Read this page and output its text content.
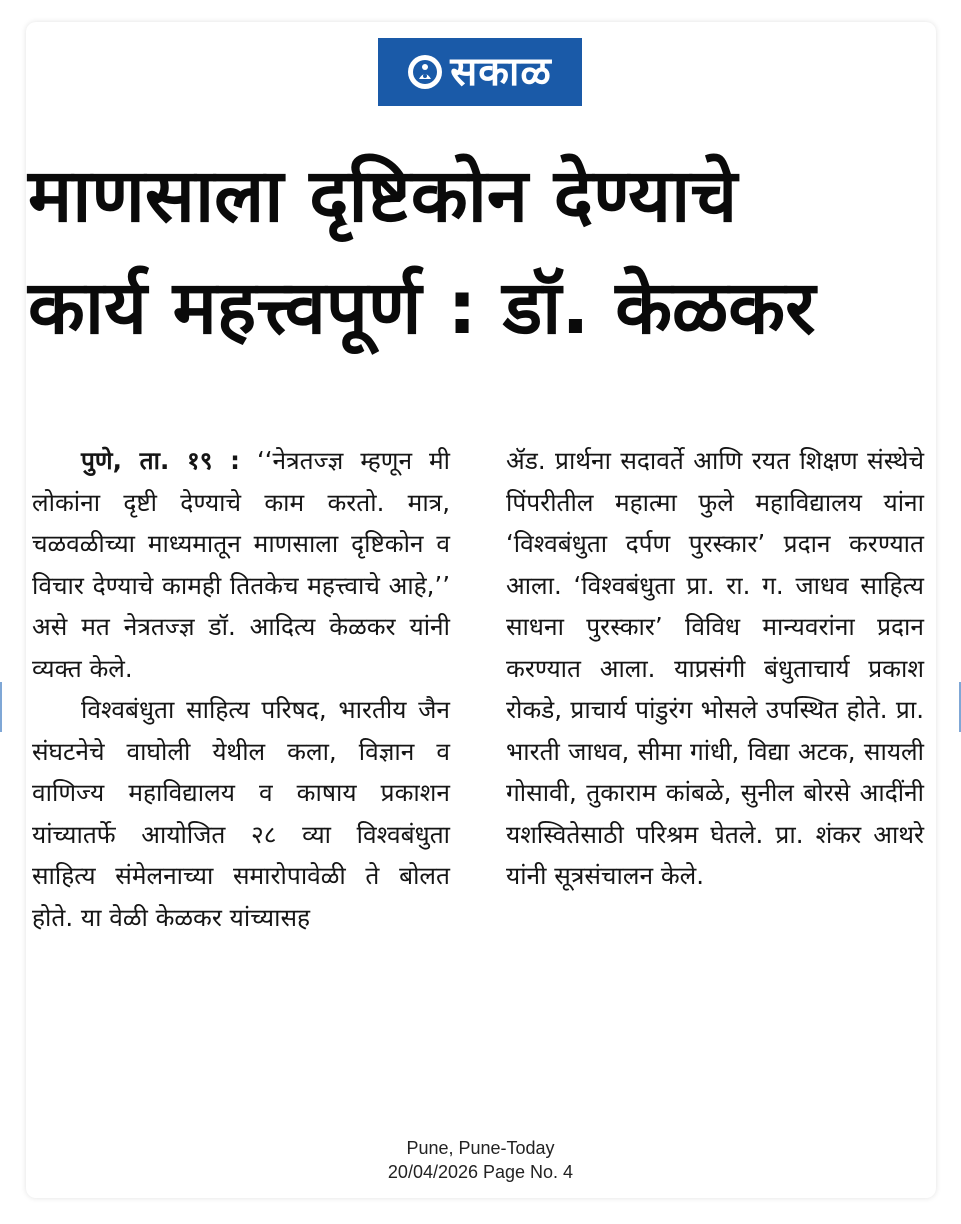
सकाळ
माणसाला दृष्टिकोन देण्याचे
कार्य महत्त्वपूर्ण : डॉ. केळकर

पुणे, ता. १९ : ‘‘नेत्रतज्ज्ञ म्हणून मी लोकांना दृष्टी देण्याचे काम करतो. मात्र, चळवळीच्या माध्यमातून माणसाला दृष्टिकोन व विचार देण्याचे कामही तितकेच महत्त्वाचे आहे,’’ असे मत नेत्रतज्ज्ञ डॉ. आदित्य केळकर यांनी व्यक्त केले.

विश्वबंधुता साहित्य परिषद, भारतीय जैन संघटनेचे वाघोली येथील कला, विज्ञान व वाणिज्य महाविद्यालय व काषाय प्रकाशन यांच्यातर्फे आयोजित २८ व्या विश्वबंधुता साहित्य संमेलनाच्या समारोपावेळी ते बोलत होते. या वेळी केळकर यांच्यासह

ॲड. प्रार्थना सदावर्ते आणि रयत शिक्षण संस्थेचे पिंपरीतील महात्मा फुले महाविद्यालय यांना ‘विश्वबंधुता दर्पण पुरस्कार’ प्रदान करण्यात आला. ‘विश्वबंधुता प्रा. रा. ग. जाधव साहित्य साधना पुरस्कार’ विविध मान्यवरांना प्रदान करण्यात आला. याप्रसंगी बंधुताचार्य प्रकाश रोकडे, प्राचार्य पांडुरंग भोसले उपस्थित होते. प्रा. भारती जाधव, सीमा गांधी, विद्या अटक, सायली गोसावी, तुकाराम कांबळे, सुनील बोरसे आदींनी यशस्वितेसाठी परिश्रम घेतले. प्रा. शंकर आथरे यांनी सूत्रसंचालन केले.

Pune, Pune-Today
20/04/2026 Page No. 4
